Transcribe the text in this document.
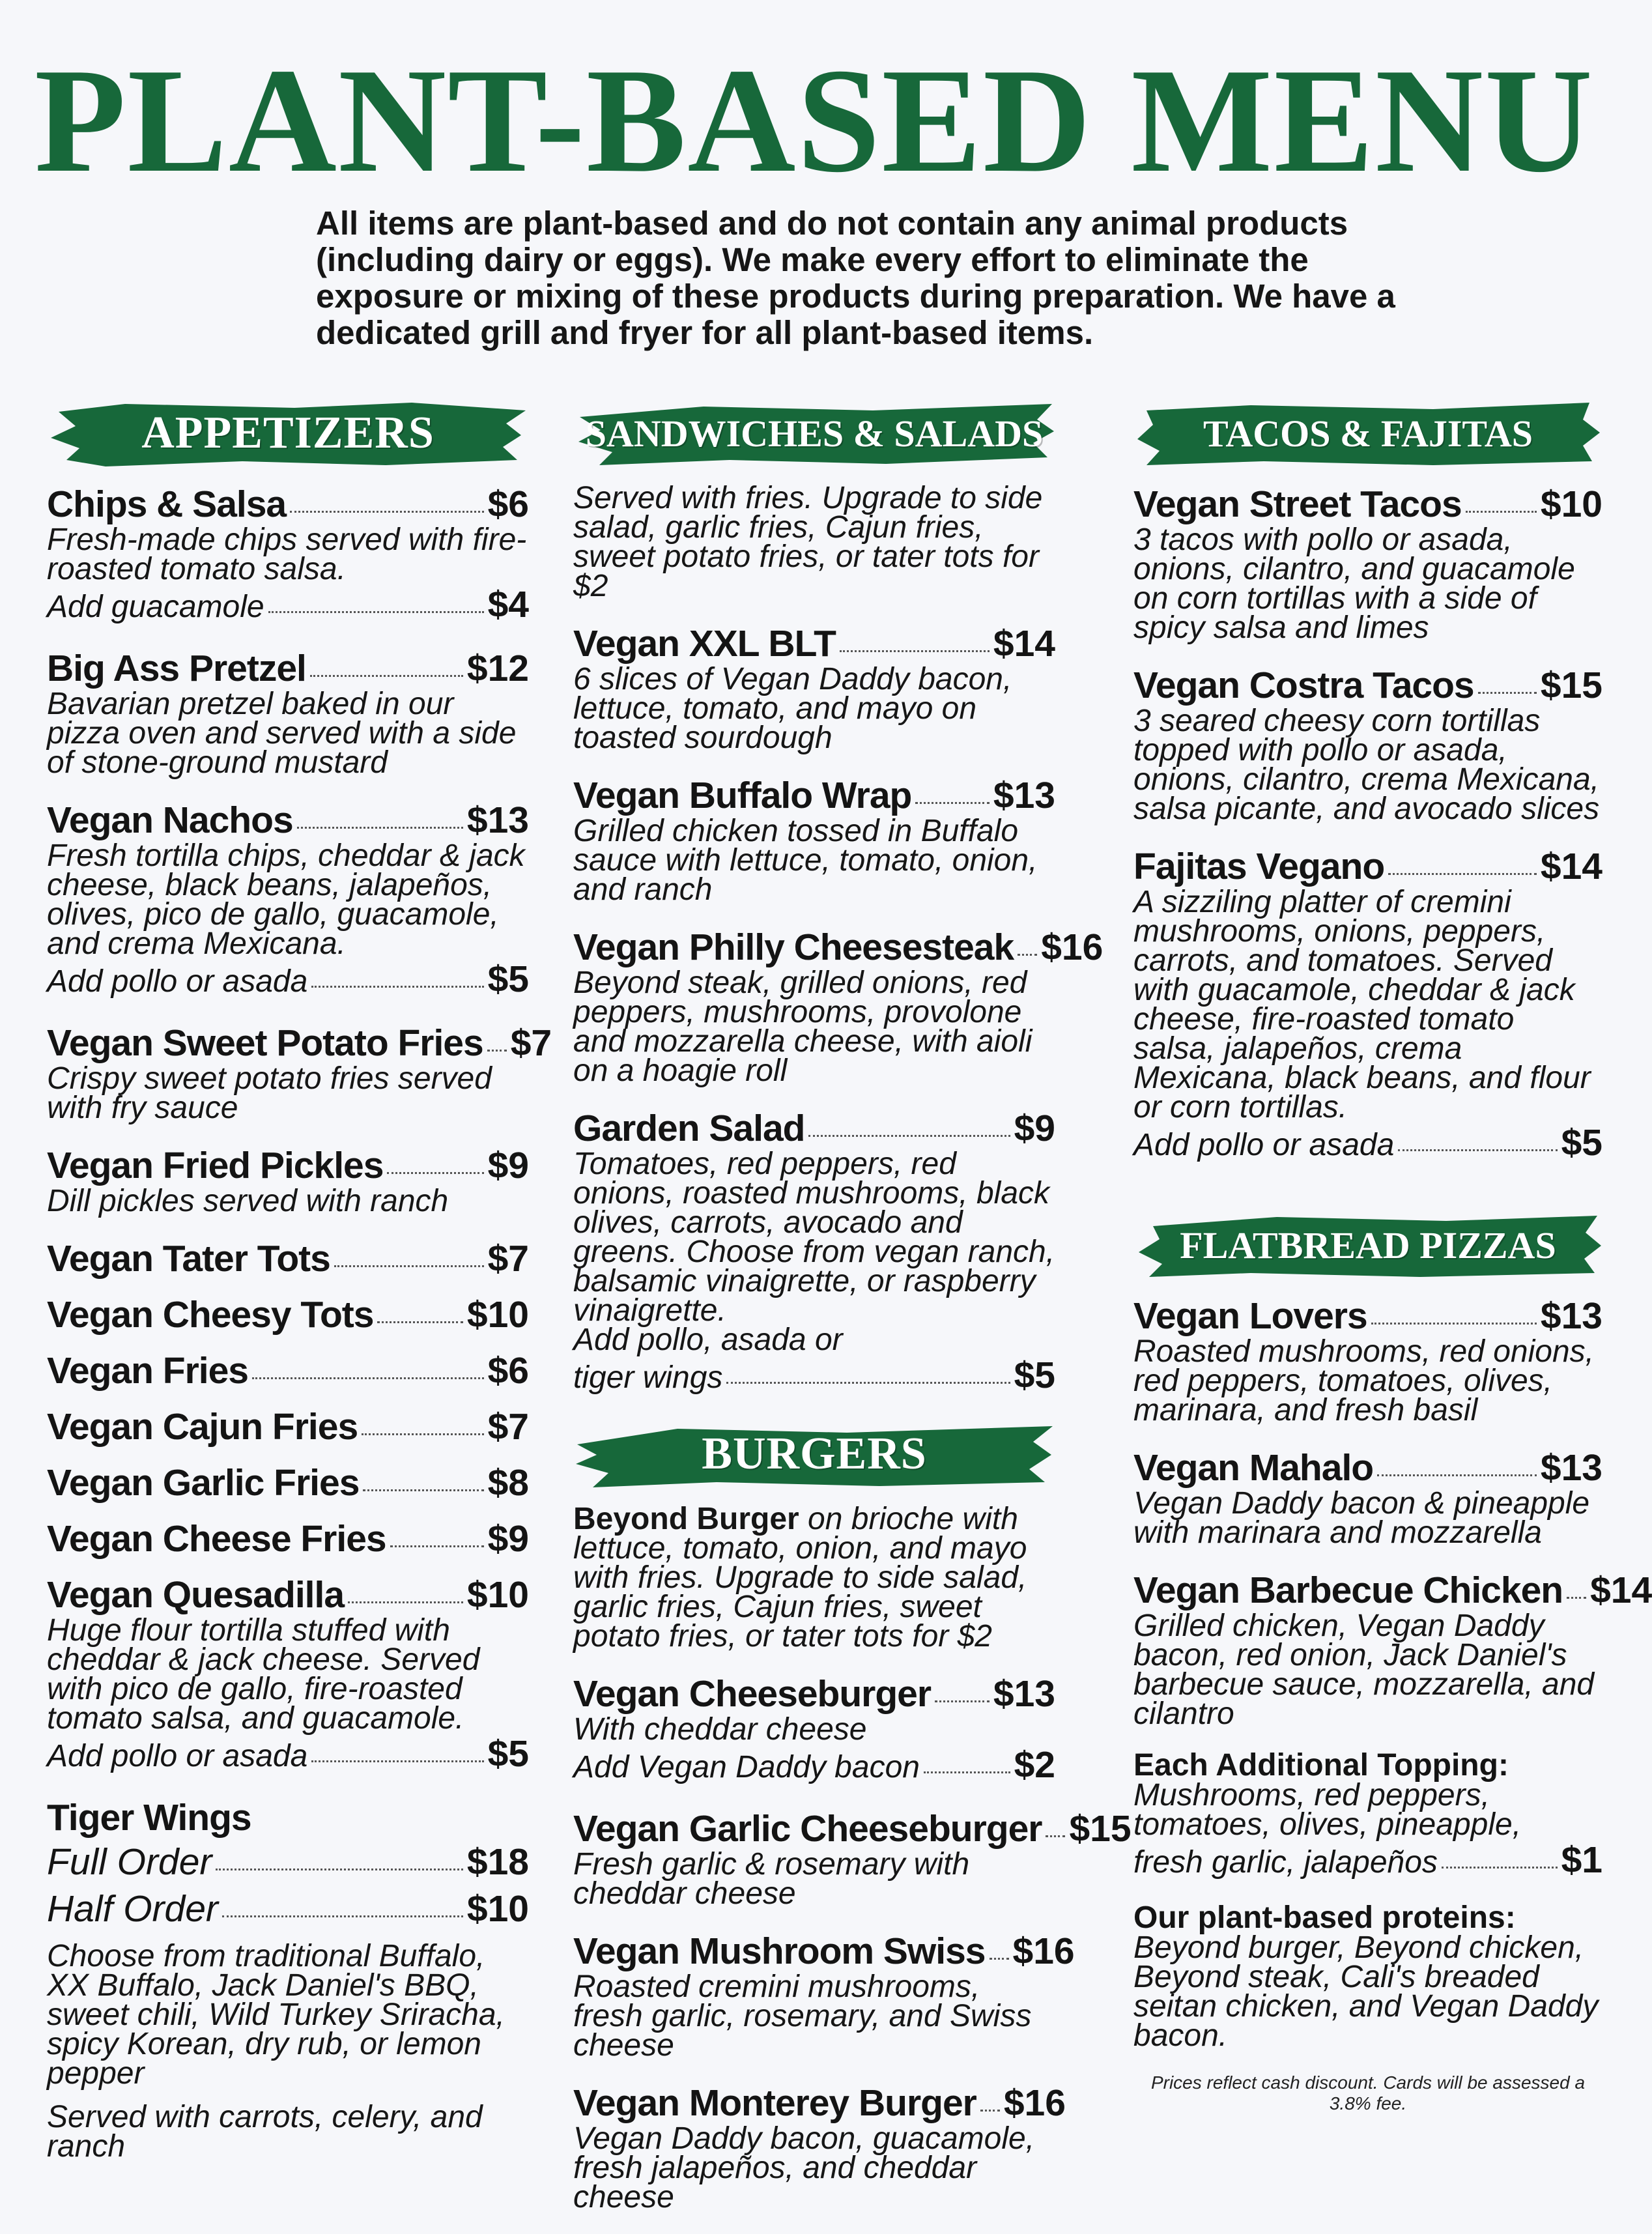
PLANT-BASED MENU
All items are plant-based and do not contain any animal products (including dairy or eggs). We make every effort to eliminate the exposure or mixing of these products during preparation. We have a dedicated grill and fryer for all plant-based items.
APPETIZERS
Chips & Salsa	$6
Fresh-made chips served with fire-roasted tomato salsa.
Add guacamole	$4
Big Ass Pretzel	$12
Bavarian pretzel baked in our pizza oven and served with a side of stone-ground mustard
Vegan Nachos	$13
Fresh tortilla chips, cheddar & jack cheese, black beans, jalapeños, olives, pico de gallo, guacamole, and crema Mexicana.
Add pollo or asada	$5
Vegan Sweet Potato Fries $7
Crispy sweet potato fries served with fry sauce
Vegan Fried Pickles	$9
Dill pickles served with ranch
Vegan Tater Tots	$7
Vegan Cheesy Tots	$10
Vegan Fries	$6
Vegan Cajun Fries	$7
Vegan Garlic Fries	$8
Vegan Cheese Fries	$9
Vegan Quesadilla	$10
Huge flour tortilla stuffed with cheddar & jack cheese. Served with pico de gallo, fire-roasted tomato salsa, and guacamole.
Add pollo or asada	$5
Tiger Wings
Full Order	$18
Half Order	$10
Choose from traditional Buffalo, XX Buffalo, Jack Daniel's BBQ, sweet chili, Wild Turkey Sriracha, spicy Korean, dry rub, or lemon pepper
Served with carrots, celery, and ranch
SANDWICHES & SALADS
Served with fries. Upgrade to side salad, garlic fries, Cajun fries, sweet potato fries, or tater tots for $2
Vegan XXL BLT	$14
6 slices of Vegan Daddy bacon, lettuce, tomato, and mayo on toasted sourdough
Vegan Buffalo Wrap $13
Grilled chicken tossed in Buffalo sauce with lettuce, tomato, onion, and ranch
Vegan Philly Cheesesteak $16
Beyond steak, grilled onions, red peppers, mushrooms, provolone and mozzarella cheese, with aioli on a hoagie roll
Garden Salad	$9
Tomatoes, red peppers, red onions, roasted mushrooms, black olives, carrots, avocado and greens. Choose from vegan ranch, balsamic vinaigrette, or raspberry vinaigrette.
Add pollo, asada or
tiger wings	$5
BURGERS
Beyond Burger on brioche with lettuce, tomato, onion, and mayo with fries. Upgrade to side salad, garlic fries, Cajun fries, sweet potato fries, or tater tots for $2
Vegan Cheeseburger $13
With cheddar cheese
Add Vegan Daddy bacon	$2
Vegan Garlic Cheeseburger $15
Fresh garlic & rosemary with cheddar cheese
Vegan Mushroom Swiss $16
Roasted cremini mushrooms, fresh garlic, rosemary, and Swiss cheese
Vegan Monterey Burger $16
Vegan Daddy bacon, guacamole, fresh jalapeños, and cheddar cheese
TACOS & FAJITAS
Vegan Street Tacos $10
3 tacos with pollo or asada, onions, cilantro, and guacamole on corn tortillas with a side of spicy salsa and limes
Vegan Costra Tacos $15
3 seared cheesy corn tortillas topped with pollo or asada, onions, cilantro, crema Mexicana, salsa picante, and avocado slices
Fajitas Vegano	$14
A sizziling platter of cremini mushrooms, onions, peppers, carrots, and tomatoes. Served with guacamole, cheddar & jack cheese, fire-roasted tomato salsa, jalapeños, crema Mexicana, black beans, and flour or corn tortillas.
Add pollo or asada	$5
FLATBREAD PIZZAS
Vegan Lovers	$13
Roasted mushrooms, red onions, red peppers, tomatoes, olives, marinara, and fresh basil
Vegan Mahalo	$13
Vegan Daddy bacon & pineapple with marinara and mozzarella
Vegan Barbecue Chicken $14
Grilled chicken, Vegan Daddy bacon, red onion, Jack Daniel's barbecue sauce, mozzarella, and cilantro
Each Additional Topping:
Mushrooms, red peppers, tomatoes, olives, pineapple,
fresh garlic, jalapeños	$1
Our plant-based proteins:
Beyond burger, Beyond chicken, Beyond steak, Cali's breaded seitan chicken, and Vegan Daddy bacon.
Prices reflect cash discount. Cards will be assessed a 3.8% fee.
